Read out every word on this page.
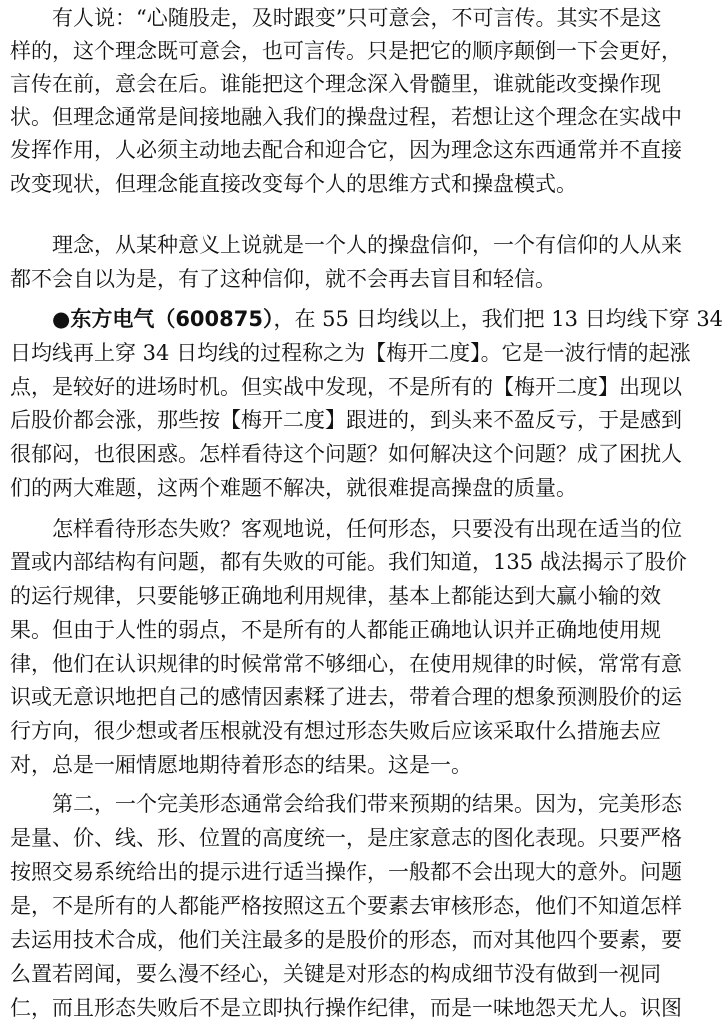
有人说：“心随股走，及时跟变”只可意会，不可言传。其实不是这
样的，这个理念既可意会，也可言传。只是把它的顺序颠倒一下会更好，
言传在前，意会在后。谁能把这个理念深入骨髓里，谁就能改变操作现
状。但理念通常是间接地融入我们的操盘过程，若想让这个理念在实战中
发挥作用，人必须主动地去配合和迎合它，因为理念这东西通常并不直接
改变现状，但理念能直接改变每个人的思维方式和操盘模式。
理念，从某种意义上说就是一个人的操盘信仰，一个有信仰的人从来
都不会自以为是，有了这种信仰，就不会再去盲目和轻信。
●东方电气（600875），在 55 日均线以上，我们把 13 日均线下穿 34
日均线再上穿 34 日均线的过程称之为【梅开二度】。它是一波行情的起涨
点，是较好的进场时机。但实战中发现，不是所有的【梅开二度】出现以
后股价都会涨，那些按【梅开二度】跟进的，到头来不盈反亏，于是感到
很郁闷，也很困惑。怎样看待这个问题？如何解决这个问题？成了困扰人
们的两大难题，这两个难题不解决，就很难提高操盘的质量。
怎样看待形态失败？客观地说，任何形态，只要没有出现在适当的位
置或内部结构有问题，都有失败的可能。我们知道，135 战法揭示了股价
的运行规律，只要能够正确地利用规律，基本上都能达到大赢小输的效
果。但由于人性的弱点，不是所有的人都能正确地认识并正确地使用规
律，他们在认识规律的时候常常不够细心，在使用规律的时候，常常有意
识或无意识地把自己的感情因素糅了进去，带着合理的想象预测股价的运
行方向，很少想或者压根就没有想过形态失败后应该采取什么措施去应
对，总是一厢情愿地期待着形态的结果。这是一。
第二，一个完美形态通常会给我们带来预期的结果。因为，完美形态
是量、价、线、形、位置的高度统一，是庄家意志的图化表现。只要严格
按照交易系统给出的提示进行适当操作，一般都不会出现大的意外。问题
是，不是所有的人都能严格按照这五个要素去审核形态，他们不知道怎样
去运用技术合成，他们关注最多的是股价的形态，而对其他四个要素，要
么置若罔闻，要么漫不经心，关键是对形态的构成细节没有做到一视同
仁，而且形态失败后不是立即执行操作纪律，而是一味地怨天尤人。识图
